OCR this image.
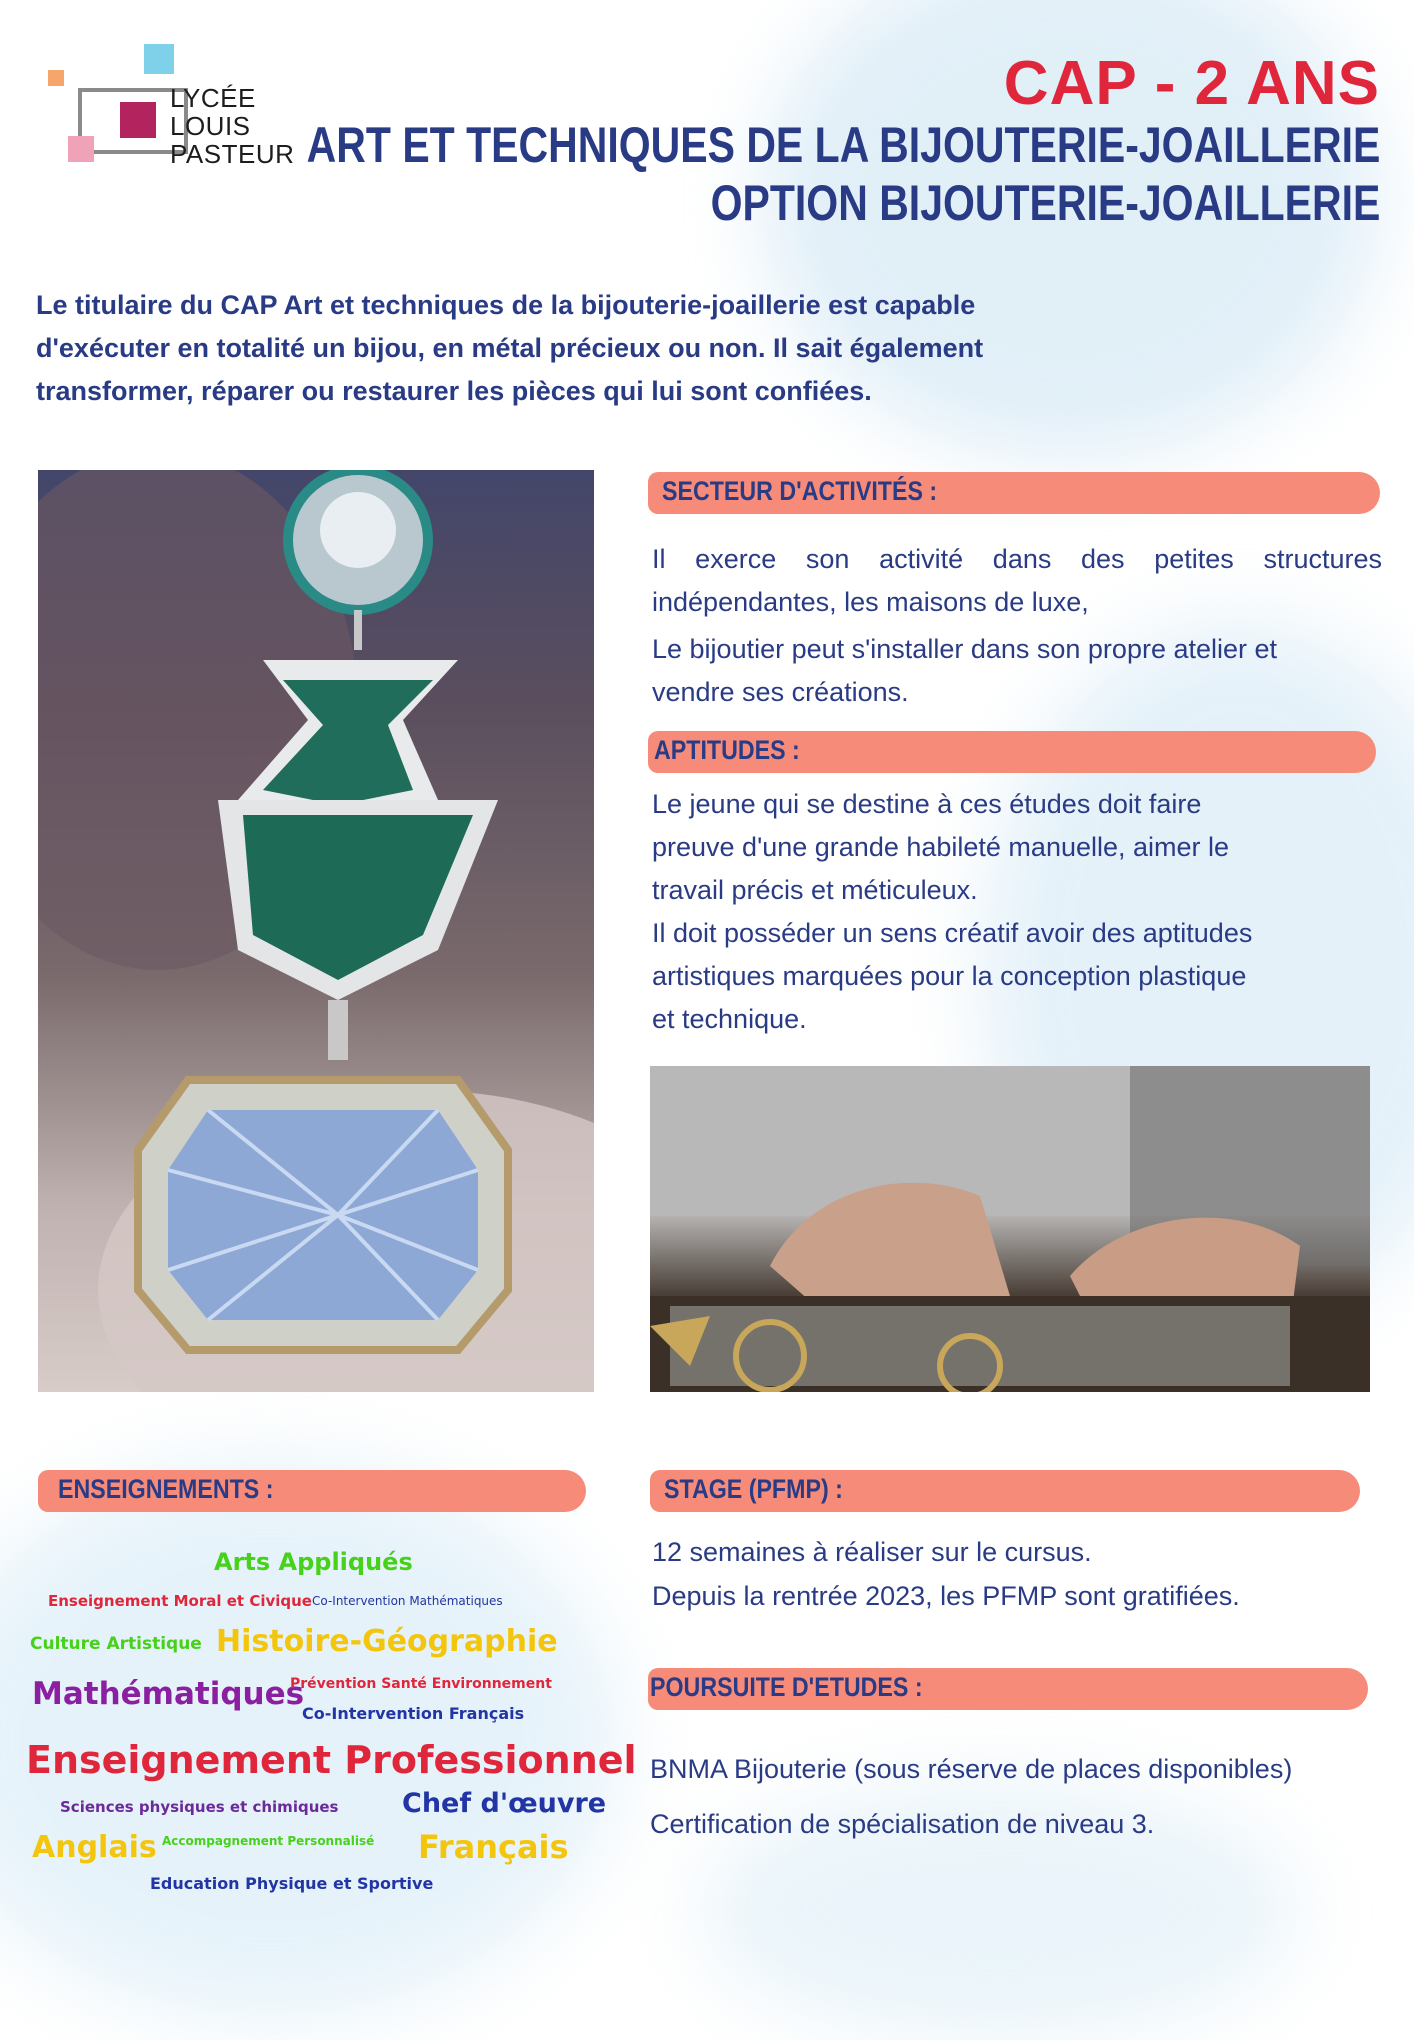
LYCÉE
LOUIS
PASTEUR
CAP - 2 ANS
ART ET TECHNIQUES DE LA BIJOUTERIE-JOAILLERIE
OPTION BIJOUTERIE-JOAILLERIE
Le titulaire du CAP Art et techniques de la bijouterie-joaillerie est capable
d'exécuter en totalité un bijou, en métal précieux ou non. Il sait également
transformer, réparer ou restaurer les pièces qui lui sont confiées.
SECTEUR D'ACTIVITÉS :

Il exerce son activité dans des petites structures

indépendantes, les maisons de luxe,

Le bijoutier peut s'installer dans son propre atelier et

vendre ses créations.

APTITUDES :

Le jeune qui se destine à ces études doit faire

preuve d'une grande habileté manuelle, aimer le

travail précis et méticuleux.

Il doit posséder un sens créatif avoir des aptitudes

artistiques marquées pour la conception plastique

et technique.

ENSEIGNEMENTS :
Arts Appliqués
Enseignement Moral et Civique Co-Intervention Mathématiques
Culture Artistique Histoire-Géographie
Mathématiques
Prévention Santé Environnement
Co-Intervention Français
Enseignement Professionnel
Sciences physiques et chimiques Chef d'œuvre
Anglais Accompagnement Personnalisé Français
Education Physique et Sportive
STAGE (PFMP) :

12 semaines à réaliser sur le cursus.

Depuis la rentrée 2023, les PFMP sont gratifiées.

POURSUITE D'ETUDES :

BNMA Bijouterie (sous réserve de places disponibles)

Certification de spécialisation de niveau 3.
